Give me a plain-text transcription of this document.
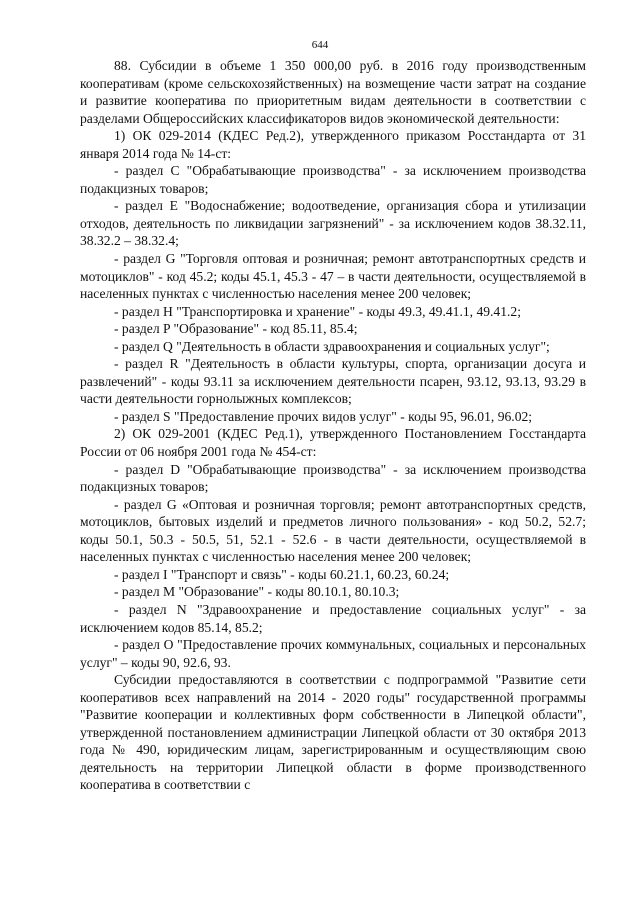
644

88. Субсидии в объеме 1 350 000,00 руб. в 2016 году производственным кооперативам (кроме сельскохозяйственных) на возмещение части затрат на создание и развитие кооператива по приоритетным видам деятельности в соответствии с разделами Общероссийских классификаторов видов экономической деятельности:

1) ОК 029-2014 (КДЕС Ред.2), утвержденного приказом Росстандарта от 31 января 2014 года № 14-ст:

- раздел C "Обрабатывающие производства" - за исключением производства подакцизных товаров;

- раздел E "Водоснабжение; водоотведение, организация сбора и утилизации отходов, деятельность по ликвидации загрязнений" - за исключением кодов 38.32.11, 38.32.2 – 38.32.4;

- раздел G "Торговля оптовая и розничная; ремонт автотранспортных средств и мотоциклов" - код 45.2; коды 45.1, 45.3 - 47 – в части деятельности, осуществляемой в населенных пунктах с численностью населения менее 200 человек;

- раздел H "Транспортировка и хранение" - коды 49.3, 49.41.1, 49.41.2;

- раздел P "Образование" - код 85.11, 85.4;

- раздел Q "Деятельность в области здравоохранения и социальных услуг";

- раздел R "Деятельность в области культуры, спорта, организации досуга и развлечений" - коды 93.11 за исключением деятельности псарен, 93.12, 93.13, 93.29 в части деятельности горнолыжных комплексов;

- раздел S "Предоставление прочих видов услуг" - коды 95, 96.01, 96.02;

2) ОК 029-2001 (КДЕС Ред.1), утвержденного Постановлением Госстандарта России от 06 ноября 2001 года № 454-ст:

- раздел D "Обрабатывающие производства" - за исключением производства подакцизных товаров;

- раздел G «Оптовая и розничная торговля; ремонт автотранспортных средств, мотоциклов, бытовых изделий и предметов личного пользования» - код 50.2, 52.7; коды 50.1, 50.3 - 50.5, 51, 52.1 - 52.6 - в части деятельности, осуществляемой в населенных пунктах с численностью населения менее 200 человек;

- раздел I "Транспорт и связь" - коды 60.21.1, 60.23, 60.24;

- раздел M "Образование" - коды 80.10.1, 80.10.3;

- раздел N "Здравоохранение и предоставление социальных услуг" - за исключением кодов 85.14, 85.2;

- раздел O "Предоставление прочих коммунальных, социальных и персональных услуг" – коды 90, 92.6, 93.

Субсидии предоставляются в соответствии с подпрограммой "Развитие сети кооперативов всех направлений на 2014 - 2020 годы" государственной программы "Развитие кооперации и коллективных форм собственности в Липецкой области", утвержденной постановлением администрации Липецкой области от 30 октября 2013 года № 490, юридическим лицам, зарегистрированным и осуществляющим свою деятельность на территории Липецкой области в форме производственного кооператива в соответствии с
